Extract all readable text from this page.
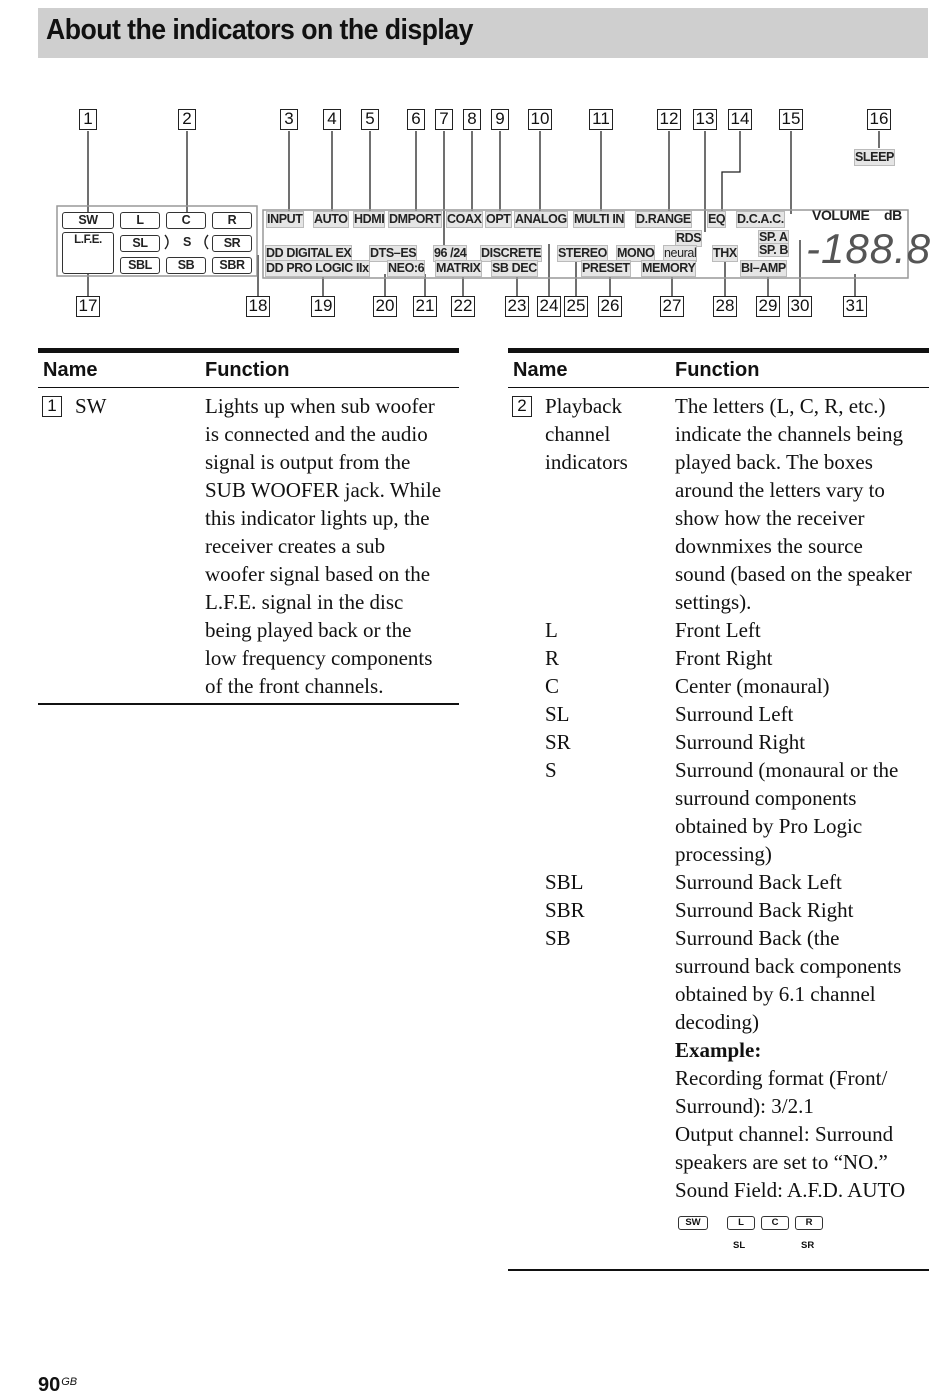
About the indicators on the display
1	2	3 4 5 6 7 8 9 10	11	12 13 14 15	16
17	18	19	20 21 22 23 24 25 26	27 28 29 30 31
SW
L.F.E.
L	C	R
SL	S	SR
SBL	SB	SBR
INPUT AUTO HDMI DMPORT COAX OPT ANALOG MULTI IN D.RANGE EQ D.C.A.C.
SLEEP
VOLUME dB
-188.8
RDS	SP. A
SP. B
DD DIGITAL EX DTS–ES 96 /24 DISCRETE STEREO MONO neural THX
DD PRO LOGIC IIx NEO:6 MATRIX SB DEC	PRESET MEMORY	BI–AMP
Name	Function
1 SW	Lights up when sub woofer
is connected and the audio
signal is output from the
SUB WOOFER jack. While
this indicator lights up, the
receiver creates a sub
woofer signal based on the
L.F.E. signal in the disc
being played back or the
low frequency components
of the front channels.
Name	Function
2 Playback
channel
indicators
The letters (L, C, R, etc.)
indicate the channels being
played back. The boxes
around the letters vary to
show how the receiver
downmixes the source
sound (based on the speaker
settings).
L	Front Left
R	Front Right
C	Center (monaural)
SL	Surround Left
SR	Surround Right
S	Surround (monaural or the
surround components
obtained by Pro Logic
processing)
SBL	Surround Back Left
SBR	Surround Back Right
SB	Surround Back (the
surround back components
obtained by 6.1 channel
decoding)
Example:
Recording format (Front/
Surround): 3/2.1
Output channel: Surround
speakers are set to “NO.”
Sound Field: A.F.D. AUTO
SW	L	C	R
SL	SR
$90^{GB}$
